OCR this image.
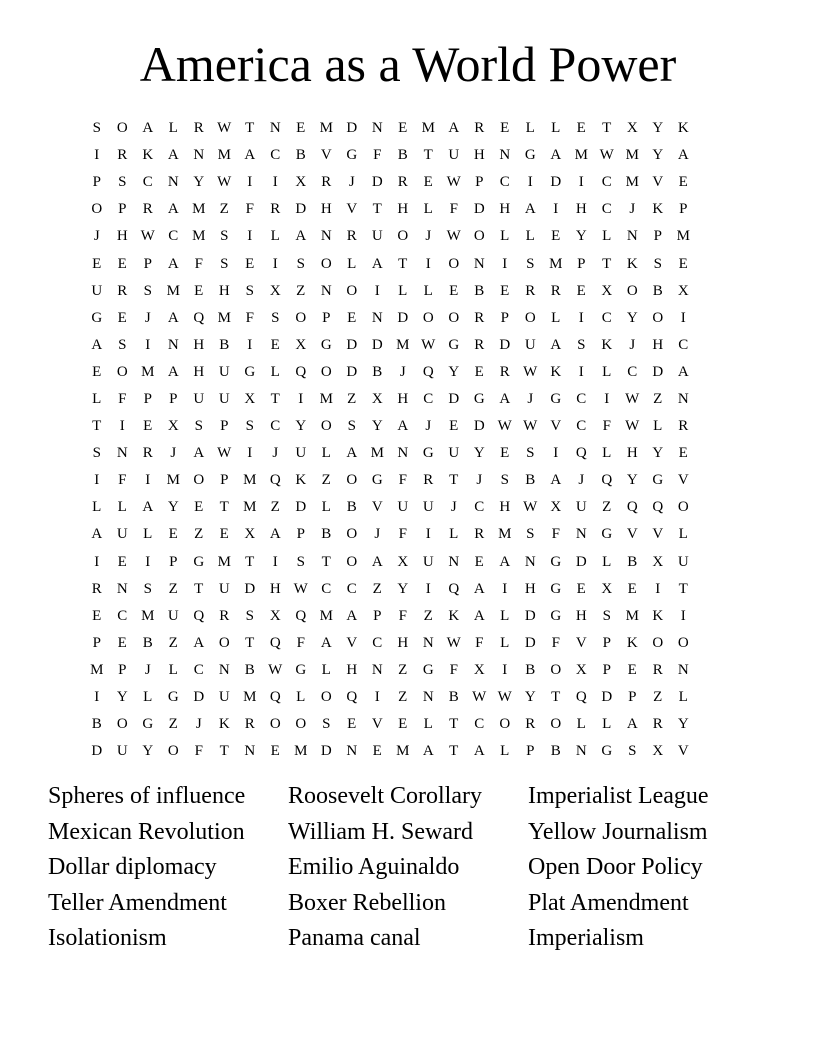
America as a World Power
S	O	A	L	R	W	T	N	E	M	D	N	E	M	A	R	E	L	L	E	T	X	Y	K
I	R	K	A	N	M	A	C	B	V	G	F	B	T	U	H	N	G	A	M	W	M	Y	A
P	S	C	N	Y	W	I	I	X	R	J	D	R	E	W	P	C	I	D	I	C	M	V	E
O	P	R	A	M	Z	F	R	D	H	V	T	H	L	F	D	H	A	I	H	C	J	K	P
J	H	W	C	M	S	I	L	A	N	R	U	O	J	W	O	L	L	E	Y	L	N	P	M
E	E	P	A	F	S	E	I	S	O	L	A	T	I	O	N	I	S	M	P	T	K	S	E
U	R	S	M	E	H	S	X	Z	N	O	I	L	L	E	B	E	R	R	E	X	O	B	X
G	E	J	A	Q	M	F	S	O	P	E	N	D	O	O	R	P	O	L	I	C	Y	O	I
A	S	I	N	H	B	I	E	X	G	D	D	M	W	G	R	D	U	A	S	K	J	H	C
E	O	M	A	H	U	G	L	Q	O	D	B	J	Q	Y	E	R	W	K	I	L	C	D	A
L	F	P	P	U	U	X	T	I	M	Z	X	H	C	D	G	A	J	G	C	I	W	Z	N
T	I	E	X	S	P	S	C	Y	O	S	Y	A	J	E	D	W	W	V	C	F	W	L	R
S	N	R	J	A	W	I	J	U	L	A	M	N	G	U	Y	E	S	I	Q	L	H	Y	E
I	F	I	M	O	P	M	Q	K	Z	O	G	F	R	T	J	S	B	A	J	Q	Y	G	V
L	L	A	Y	E	T	M	Z	D	L	B	V	U	U	J	C	H	W	X	U	Z	Q	Q	O
A	U	L	E	Z	E	X	A	P	B	O	J	F	I	L	R	M	S	F	N	G	V	V	L
I	E	I	P	G	M	T	I	S	T	O	A	X	U	N	E	A	N	G	D	L	B	X	U
R	N	S	Z	T	U	D	H	W	C	C	Z	Y	I	Q	A	I	H	G	E	X	E	I	T
E	C	M	U	Q	R	S	X	Q	M	A	P	F	Z	K	A	L	D	G	H	S	M	K	I
P	E	B	Z	A	O	T	Q	F	A	V	C	H	N	W	F	L	D	F	V	P	K	O	O
M	P	J	L	C	N	B	W	G	L	H	N	Z	G	F	X	I	B	O	X	P	E	R	N
I	Y	L	G	D	U	M	Q	L	O	Q	I	Z	N	B	W	W	Y	T	Q	D	P	Z	L
B	O	G	Z	J	K	R	O	O	S	E	V	E	L	T	C	O	R	O	L	L	A	R	Y
D	U	Y	O	F	T	N	E	M	D	N	E	M	A	T	A	L	P	B	N	G	S	X	V
Spheres of influence	Roosevelt Corollary	Imperialist League
Mexican Revolution	William H. Seward	Yellow Journalism
Dollar diplomacy	Emilio Aguinaldo	Open Door Policy
Teller Amendment	Boxer Rebellion	Plat Amendment
Isolationism	Panama canal	Imperialism
